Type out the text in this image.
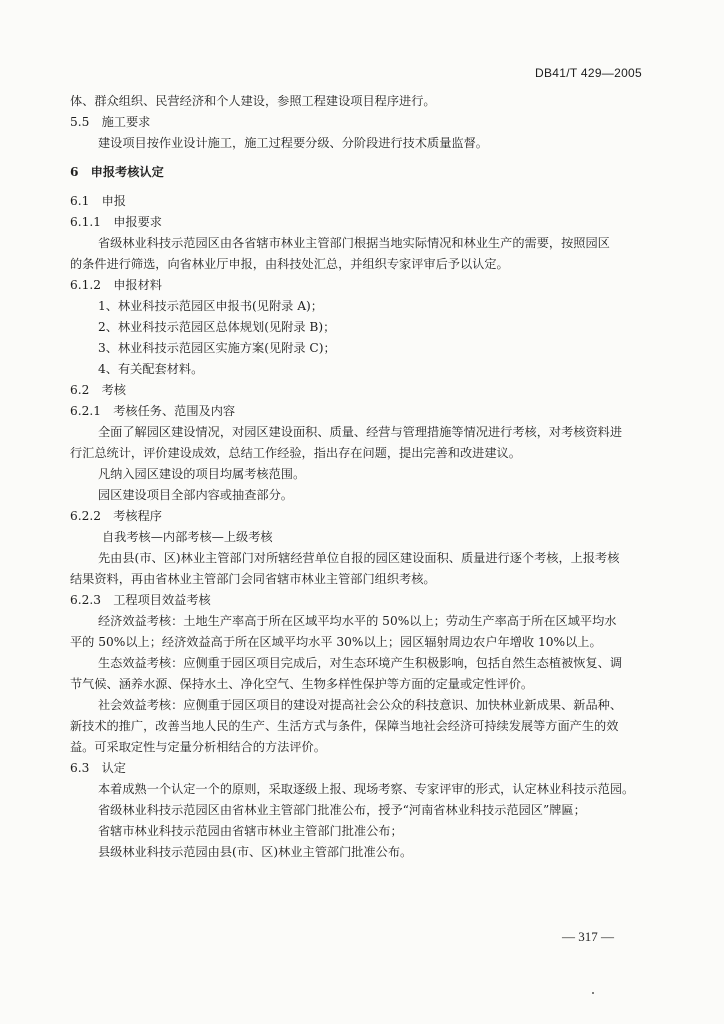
DB41/T 429—2005
体、群众组织、民营经济和个人建设，参照工程建设项目程序进行。
5.5　施工要求
建设项目按作业设计施工，施工过程要分级、分阶段进行技术质量监督。
6　申报考核认定
6.1　申报
6.1.1　申报要求
省级林业科技示范园区由各省辖市林业主管部门根据当地实际情况和林业生产的需要，按照园区
的条件进行筛选，向省林业厅申报，由科技处汇总，并组织专家评审后予以认定。
6.1.2　申报材料
1、林业科技示范园区申报书(见附录 A)；
2、林业科技示范园区总体规划(见附录 B)；
3、林业科技示范园区实施方案(见附录 C)；
4、有关配套材料。
6.2　考核
6.2.1　考核任务、范围及内容
全面了解园区建设情况，对园区建设面积、质量、经营与管理措施等情况进行考核，对考核资料进
行汇总统计，评价建设成效，总结工作经验，指出存在问题，提出完善和改进建议。
凡纳入园区建设的项目均属考核范围。
园区建设项目全部内容或抽查部分。
6.2.2　考核程序
自我考核—内部考核—上级考核
先由县(市、区)林业主管部门对所辖经营单位自报的园区建设面积、质量进行逐个考核，上报考核
结果资料，再由省林业主管部门会同省辖市林业主管部门组织考核。
6.2.3　工程项目效益考核
经济效益考核：土地生产率高于所在区域平均水平的 50%以上；劳动生产率高于所在区域平均水
平的 50%以上；经济效益高于所在区域平均水平 30%以上；园区辐射周边农户年增收 10%以上。
生态效益考核：应侧重于园区项目完成后，对生态环境产生积极影响，包括自然生态植被恢复、调
节气候、涵养水源、保持水土、净化空气、生物多样性保护等方面的定量或定性评价。
社会效益考核：应侧重于园区项目的建设对提高社会公众的科技意识、加快林业新成果、新品种、
新技术的推广，改善当地人民的生产、生活方式与条件，保障当地社会经济可持续发展等方面产生的效
益。可采取定性与定量分析相结合的方法评价。
6.3　认定
本着成熟一个认定一个的原则，采取逐级上报、现场考察、专家评审的形式，认定林业科技示范园。
省级林业科技示范园区由省林业主管部门批准公布，授予“河南省林业科技示范园区”牌匾；
省辖市林业科技示范园由省辖市林业主管部门批准公布；
县级林业科技示范园由县(市、区)林业主管部门批准公布。
— 317 —
